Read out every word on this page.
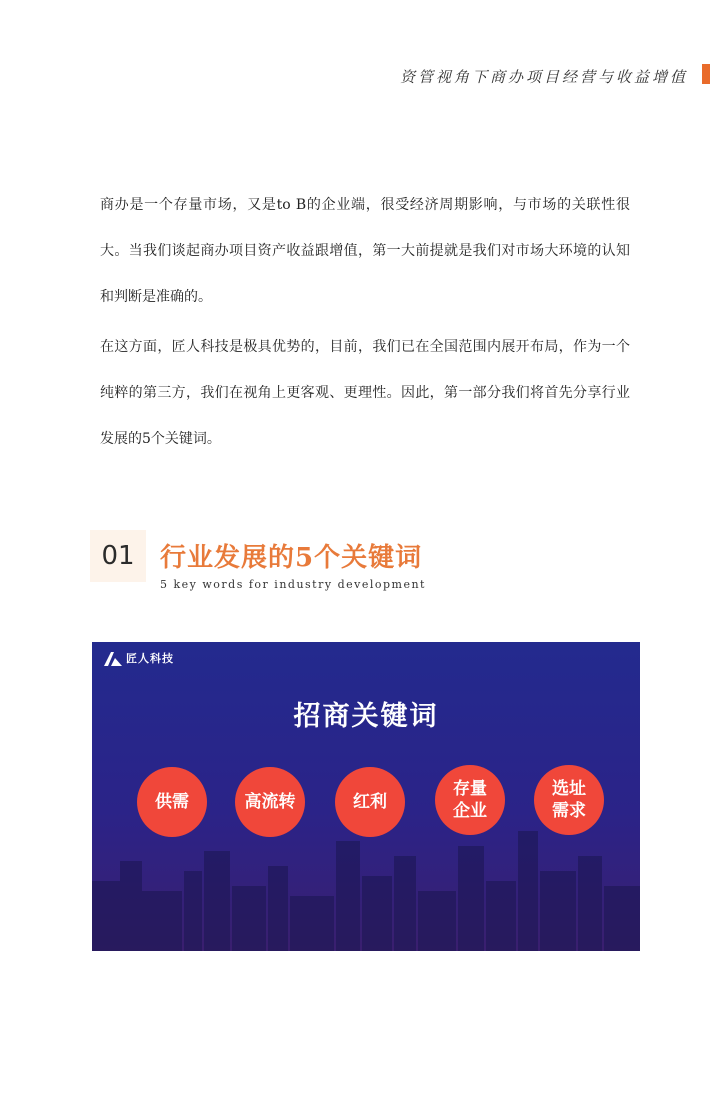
资管视角下商办项目经营与收益增值

商办是一个存量市场，又是to B的企业端，很受经济周期影响，与市场的关联性很大。当我们谈起商办项目资产收益跟增值，第一大前提就是我们对市场大环境的认知和判断是准确的。

在这方面，匠人科技是极具优势的，目前，我们已在全国范围内展开布局，作为一个纯粹的第三方，我们在视角上更客观、更理性。因此，第一部分我们将首先分享行业发展的5个关键词。

01 行业发展的5个关键词
5 key words for industry development
匠人科技
招商关键词
供需	高流转	红利
存量
企业
选址
需求
